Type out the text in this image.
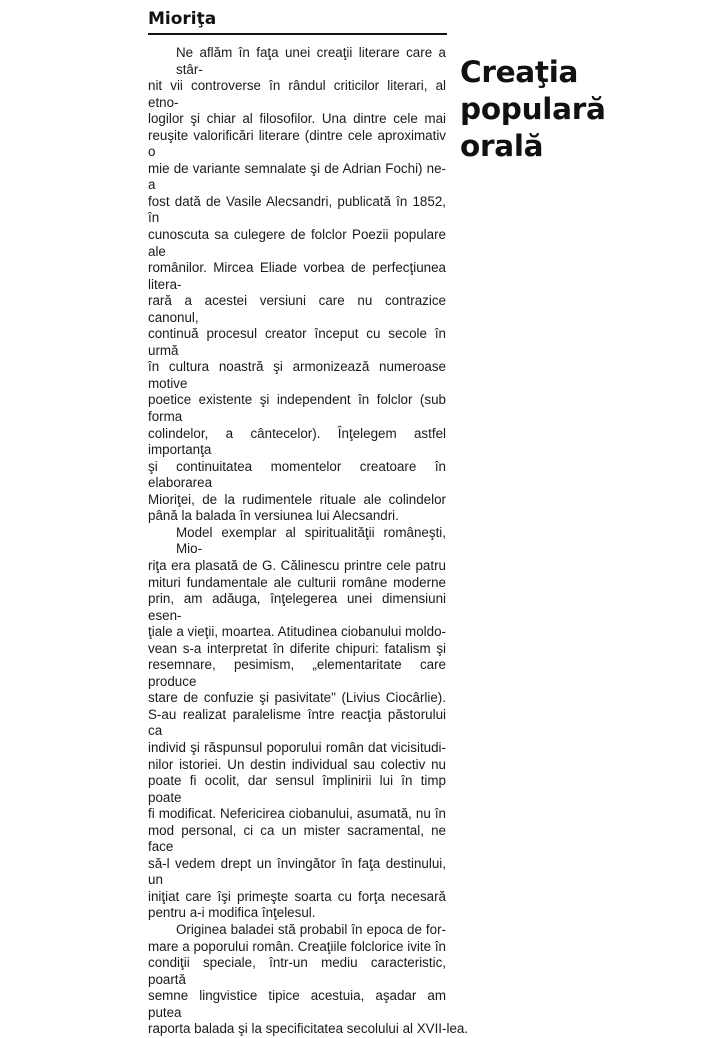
Mioriţa
Ne aflăm în faţa unei creaţii literare care a stâr-
nit vii controverse în rândul criticilor literari, al etno-
logilor şi chiar al filosofilor. Una dintre cele mai
reuşite valorificări literare (dintre cele aproximativ o
mie de variante semnalate şi de Adrian Fochi) ne-a
fost dată de Vasile Alecsandri, publicată în 1852, în
cunoscuta sa culegere de folclor Poezii populare ale
românilor. Mircea Eliade vorbea de perfecţiunea litera-
rară a acestei versiuni care nu contrazice canonul,
continuă procesul creator început cu secole în urmă
în cultura noastră şi armonizează numeroase motive
poetice existente şi independent în folclor (sub forma
colindelor, a cântecelor). Înţelegem astfel importanţa
şi continuitatea momentelor creatoare în elaborarea
Mioriţei, de la rudimentele rituale ale colindelor
până la balada în versiunea lui Alecsandri.
Model exemplar al spiritualităţii româneşti, Mio-
riţa era plasată de G. Călinescu printre cele patru
mituri fundamentale ale culturii române moderne
prin, am adăuga, înţelegerea unei dimensiuni esen-
ţiale a vieţii, moartea. Atitudinea ciobanului moldo-
vean s-a interpretat în diferite chipuri: fatalism şi
resemnare, pesimism, „elementaritate care produce
stare de confuzie şi pasivitate" (Livius Ciocârlie).
S-au realizat paralelisme între reacţia păstorului ca
individ şi răspunsul poporului român dat vicisitudi-
nilor istoriei. Un destin individual sau colectiv nu
poate fi ocolit, dar sensul împlinirii lui în timp poate
fi modificat. Nefericirea ciobanului, asumată, nu în
mod personal, ci ca un mister sacramental, ne face
să-l vedem drept un învingător în faţa destinului, un
iniţiat care îşi primeşte soarta cu forţa necesară
pentru a-i modifica înţelesul.
Originea baladei stă probabil în epoca de for-
mare a poporului român. Creaţiile folclorice ivite în
condiţii speciale, într-un mediu caracteristic, poartă
semne lingvistice tipice acestuia, aşadar am putea
raporta balada şi la specificitatea secolului al XVII-lea.
Creaţia
populară
orală
